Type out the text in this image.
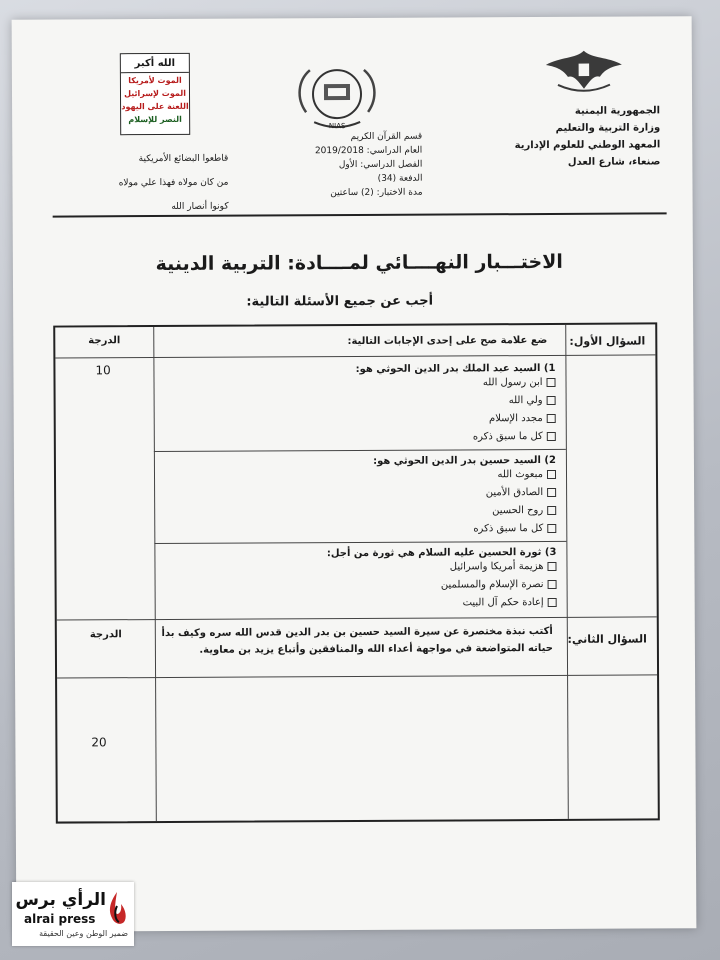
الجمهورية اليمنية
وزارة التربية والتعليم
المعهد الوطني للعلوم الإدارية
صنعاء، شارع العدل
NIAS
قسم القرآن الكريم
العام الدراسي: 2019/2018
الفصل الدراسي: الأول
الدفعة (34)
مدة الاختبار: (2) ساعتين
الله أكبر
الموت لأمريكا
الموت لإسرائيل
اللعنة على اليهود
النصر للإسلام
قاطعوا البضائع الأمريكية
من كان مولاه فهذا علي مولاه
كونوا أنصار الله
الاختـــبار النهــــائي لمــــادة: التربية الدينية
أجب عن جميع الأسئلة التالية:
السؤال الأول:
ضع علامة صح على إحدى الإجابات التالية:
الدرجة
10	1) السيد عبد الملك بدر الدين الحوثي هو:
ابن رسول الله
ولي الله
مجدد الإسلام
كل ما سبق ذكره
2) السيد حسين بدر الدين الحوثي هو:
مبعوث الله
الصادق الأمين
روح الحسين
كل ما سبق ذكره
3) ثورة الحسين عليه السلام هي ثورة من أجل:
هزيمة أمريكا واسرائيل
نصرة الإسلام والمسلمين
إعادة حكم آل البيت
السؤال الثاني:
أكتب نبذة مختصرة عن سيرة السيد حسين بن بدر الدين قدس الله سره وكيف بدأ
حياته المتواضعة في مواجهة أعداء الله والمنافقين وأتباع يزيد بن معاوية.
الدرجة
20
الرأي برس
alrai press
ضمير الوطن وعين الحقيقة
